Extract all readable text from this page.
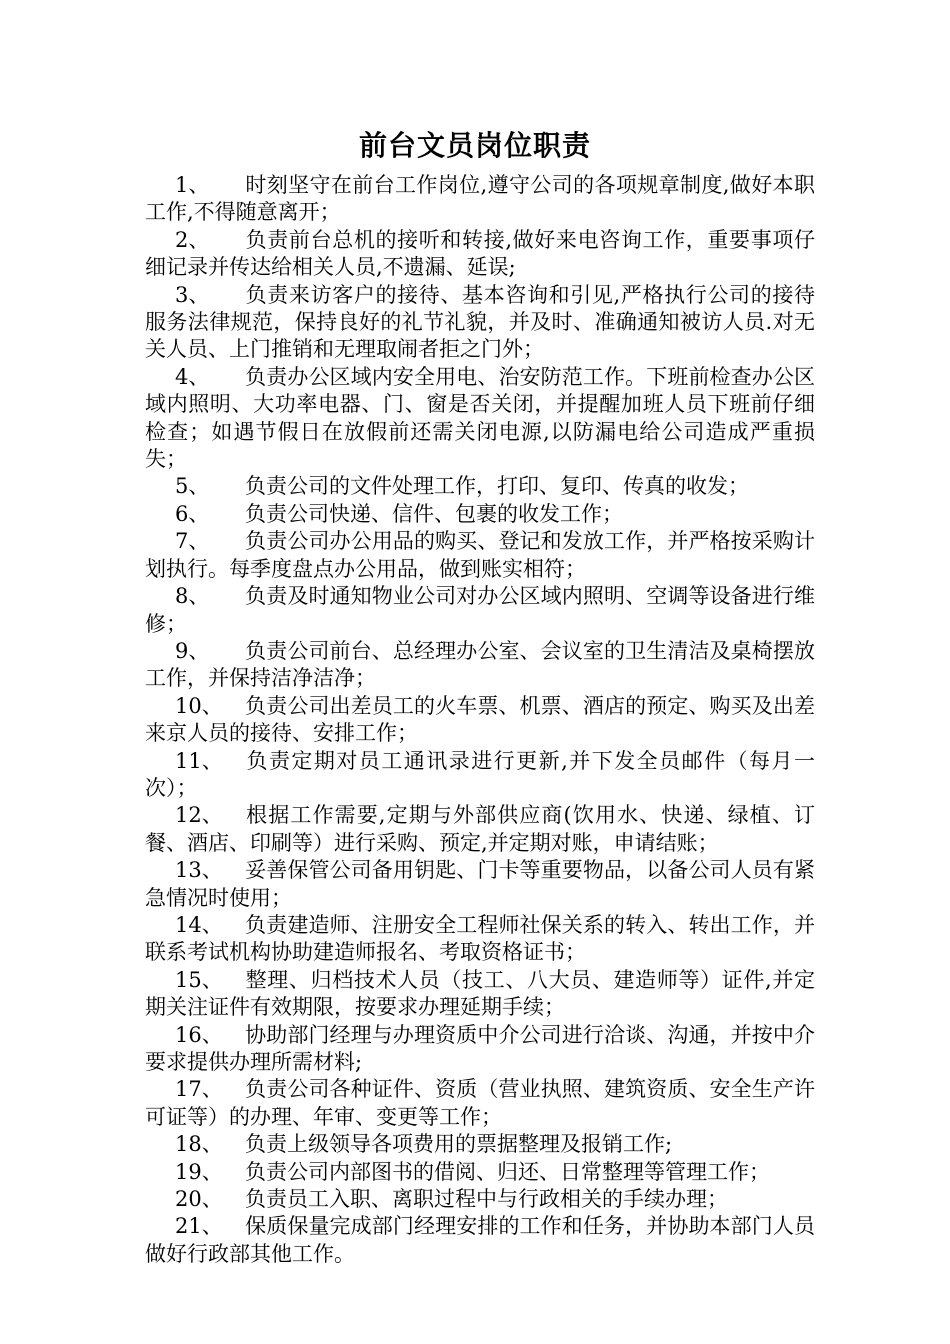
前台文员岗位职责

1、 时刻坚守在前台工作岗位,遵守公司的各项规章制度,做好本职工作,不得随意离开；

2、 负责前台总机的接听和转接,做好来电咨询工作，重要事项仔细记录并传达给相关人员,不遗漏、延误;

3、 负责来访客户的接待、基本咨询和引见,严格执行公司的接待服务法律规范，保持良好的礼节礼貌，并及时、准确通知被访人员.对无关人员、上门推销和无理取闹者拒之门外；

4、 负责办公区域内安全用电、治安防范工作。下班前检查办公区域内照明、大功率电器、门、窗是否关闭，并提醒加班人员下班前仔细检查；如遇节假日在放假前还需关闭电源,以防漏电给公司造成严重损失；

5、 负责公司的文件处理工作，打印、复印、传真的收发；

6、 负责公司快递、信件、包裹的收发工作；

7、 负责公司办公用品的购买、登记和发放工作，并严格按采购计划执行。每季度盘点办公用品，做到账实相符；

8、 负责及时通知物业公司对办公区域内照明、空调等设备进行维修；

9、 负责公司前台、总经理办公室、会议室的卫生清洁及桌椅摆放工作，并保持洁净洁净；

10、 负责公司出差员工的火车票、机票、酒店的预定、购买及出差来京人员的接待、安排工作；

11、 负责定期对员工通讯录进行更新,并下发全员邮件（每月一次）；

12、 根据工作需要,定期与外部供应商(饮用水、快递、绿植、订餐、酒店、印刷等）进行采购、预定,并定期对账，申请结账；

13、 妥善保管公司备用钥匙、门卡等重要物品，以备公司人员有紧急情况时使用；

14、 负责建造师、注册安全工程师社保关系的转入、转出工作，并联系考试机构协助建造师报名、考取资格证书；

15、 整理、归档技术人员（技工、八大员、建造师等）证件,并定期关注证件有效期限，按要求办理延期手续；

16、 协助部门经理与办理资质中介公司进行洽谈、沟通，并按中介要求提供办理所需材料;

17、 负责公司各种证件、资质（营业执照、建筑资质、安全生产许可证等）的办理、年审、变更等工作；

18、 负责上级领导各项费用的票据整理及报销工作;

19、 负责公司内部图书的借阅、归还、日常整理等管理工作；

20、 负责员工入职、离职过程中与行政相关的手续办理；

21、 保质保量完成部门经理安排的工作和任务，并协助本部门人员做好行政部其他工作。
